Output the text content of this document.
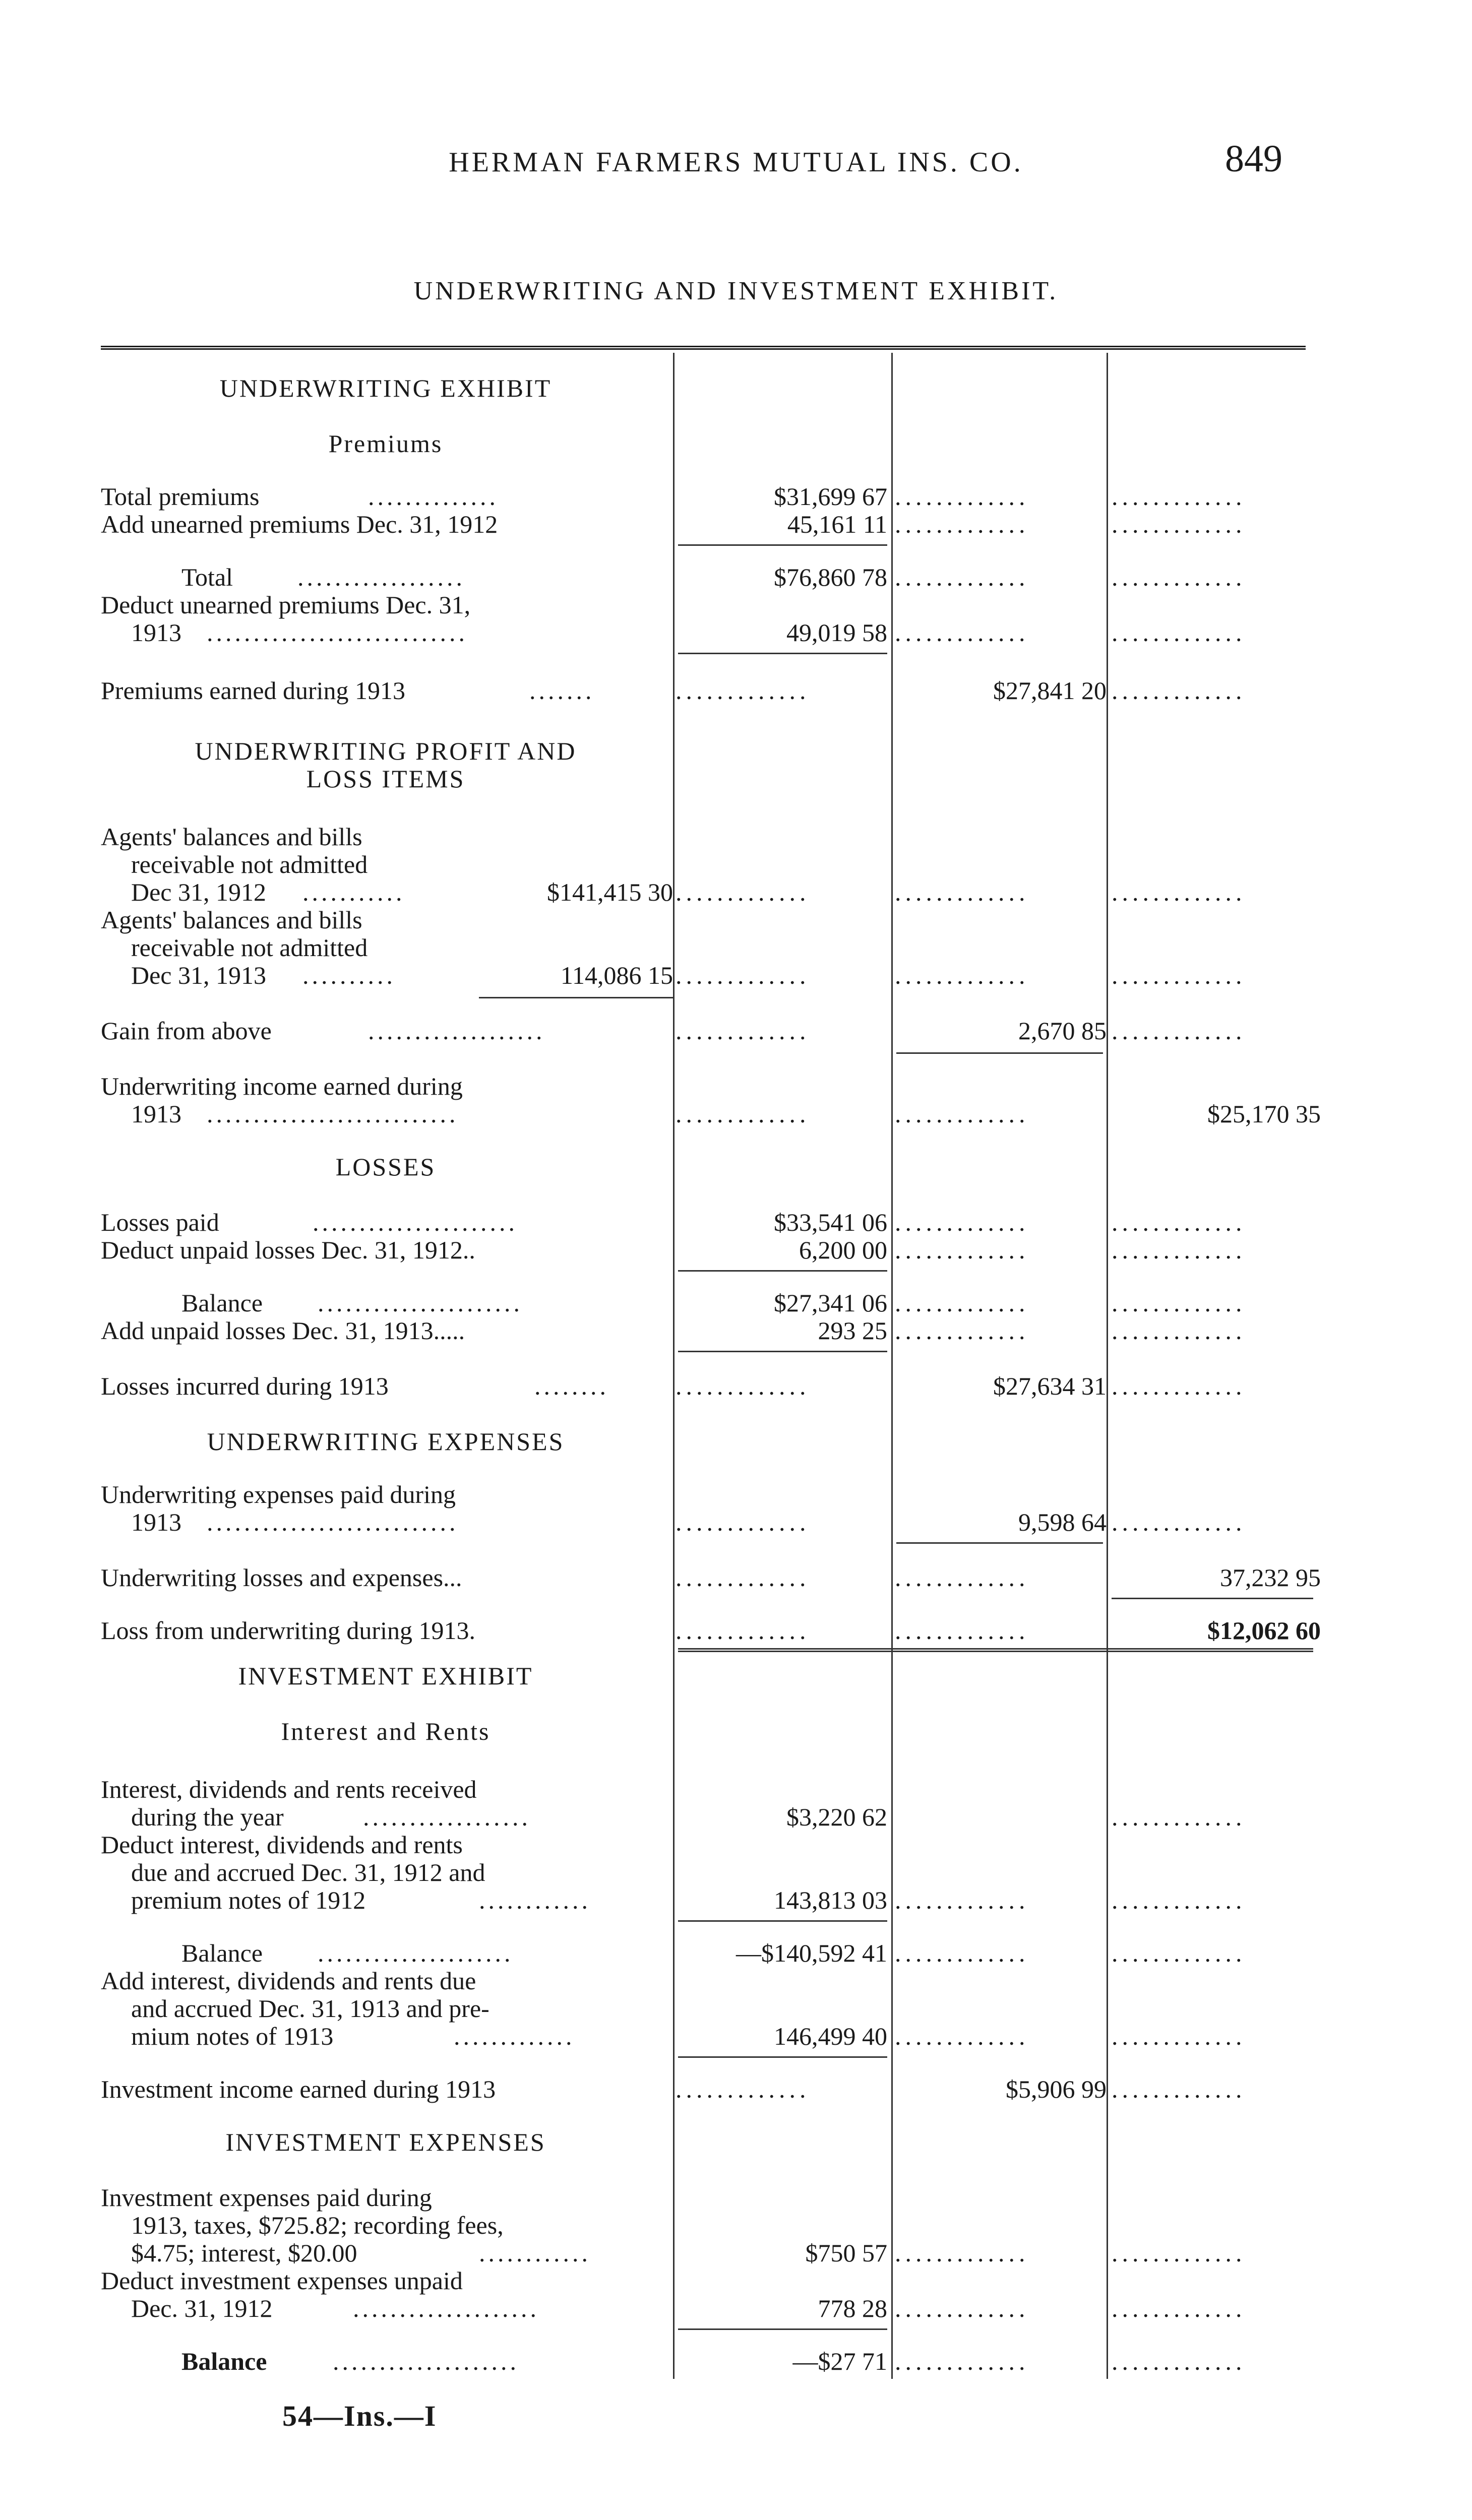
HERMAN FARMERS MUTUAL INS. CO.	849
UNDERWRITING AND INVESTMENT EXHIBIT.
UNDERWRITING EXHIBIT
Premiums
Total premiums	..............	$31,699 67 .............	.............
Add unearned premiums Dec. 31, 1912	45,161 11 .............	.............
Total	..................	$76,860 78 .............	.............
Deduct unearned premiums Dec. 31,
1913	............................	49,019 58 .............	.............
Premiums earned during 1913	.......	.............	$27,841 20 .............
UNDERWRITING PROFIT AND
LOSS ITEMS
Agents' balances and bills
receivable not admitted
Dec 31, 1912	...........	$141,415 30 .............	.............	.............
Agents' balances and bills
receivable not admitted
Dec 31, 1913	..........	114,086 15 .............	.............	.............
Gain from above	...................	.............	2,670 85 .............
Underwriting income earned during
1913	...........................	.............	.............	$25,170 35
LOSSES
Losses paid	......................	$33,541 06 .............	.............
Deduct unpaid losses Dec. 31, 1912..	6,200 00 .............	.............
Balance	......................	$27,341 06 .............	.............
Add unpaid losses Dec. 31, 1913.....	293 25 .............	.............
Losses incurred during 1913	........	.............	$27,634 31 .............
UNDERWRITING EXPENSES
Underwriting expenses paid during
1913	...........................	.............	9,598 64 .............
Underwriting losses and expenses...	.............	.............	37,232 95
Loss from underwriting during 1913.	.............	.............	$12,062 60
INVESTMENT EXHIBIT
Interest and Rents
Interest, dividends and rents received
during the year	..................	$3,220 62	.............
Deduct interest, dividends and rents
due and accrued Dec. 31, 1912 and
premium notes of 1912	............	143,813 03 .............	.............
Balance	.....................	—$140,592 41 .............	.............
Add interest, dividends and rents due
and accrued Dec. 31, 1913 and pre-
mium notes of 1913	.............	146,499 40 .............	.............
Investment income earned during 1913	.............	$5,906 99 .............
INVESTMENT EXPENSES
Investment expenses paid during
1913, taxes, $725.82; recording fees,
$4.75; interest, $20.00	............	$750 57 .............	.............
Deduct investment expenses unpaid
Dec. 31, 1912	....................	778 28 .............	.............
Balance	....................	—$27 71 .............	.............
54—Ins.—I
